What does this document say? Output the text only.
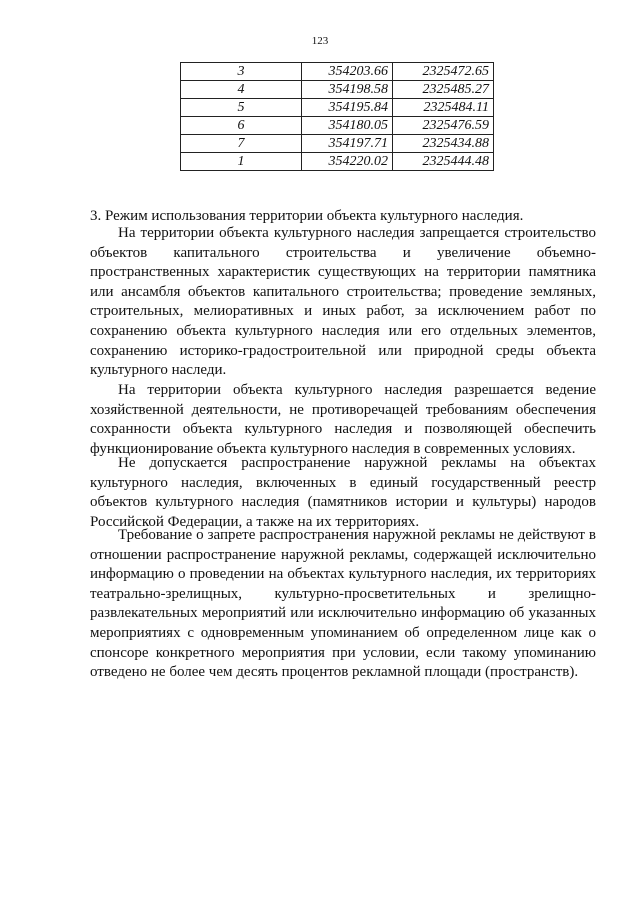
123
3	354203.66	2325472.65
4	354198.58	2325485.27
5	354195.84	2325484.11
6	354180.05	2325476.59
7	354197.71	2325434.88
1	354220.02	2325444.48
3. Режим использования территории объекта культурного наследия.

На территории объекта культурного наследия запрещается строительство объектов капитального строительства и увеличение объемно-пространственных характеристик существующих на территории памятника или ансамбля объектов капитального строительства; проведение земляных, строительных, мелиоративных и иных работ, за исключением работ по сохранению объекта культурного наследия или его отдельных элементов, сохранению историко-градостроительной или природной среды объекта культурного наследи.

На территории объекта культурного наследия разрешается ведение хозяйственной деятельности, не противоречащей требованиям обеспечения сохранности объекта культурного наследия и позволяющей обеспечить функционирование объекта культурного наследия в современных условиях.

Не допускается распространение наружной рекламы на объектах культурного наследия, включенных в единый государственный реестр объектов культурного наследия (памятников истории и культуры) народов Российской Федерации, а также на их территориях.

Требование о запрете распространения наружной рекламы не действуют в отношении распространение наружной рекламы, содержащей исключительно информацию о проведении на объектах культурного наследия, их территориях театрально-зрелищных, культурно-просветительных и зрелищно-развлекательных мероприятий или исключительно информацию об указанных мероприятиях с одновременным упоминанием об определенном лице как о спонсоре конкретного мероприятия при условии, если такому упоминанию отведено не более чем десять процентов рекламной площади (пространств).
